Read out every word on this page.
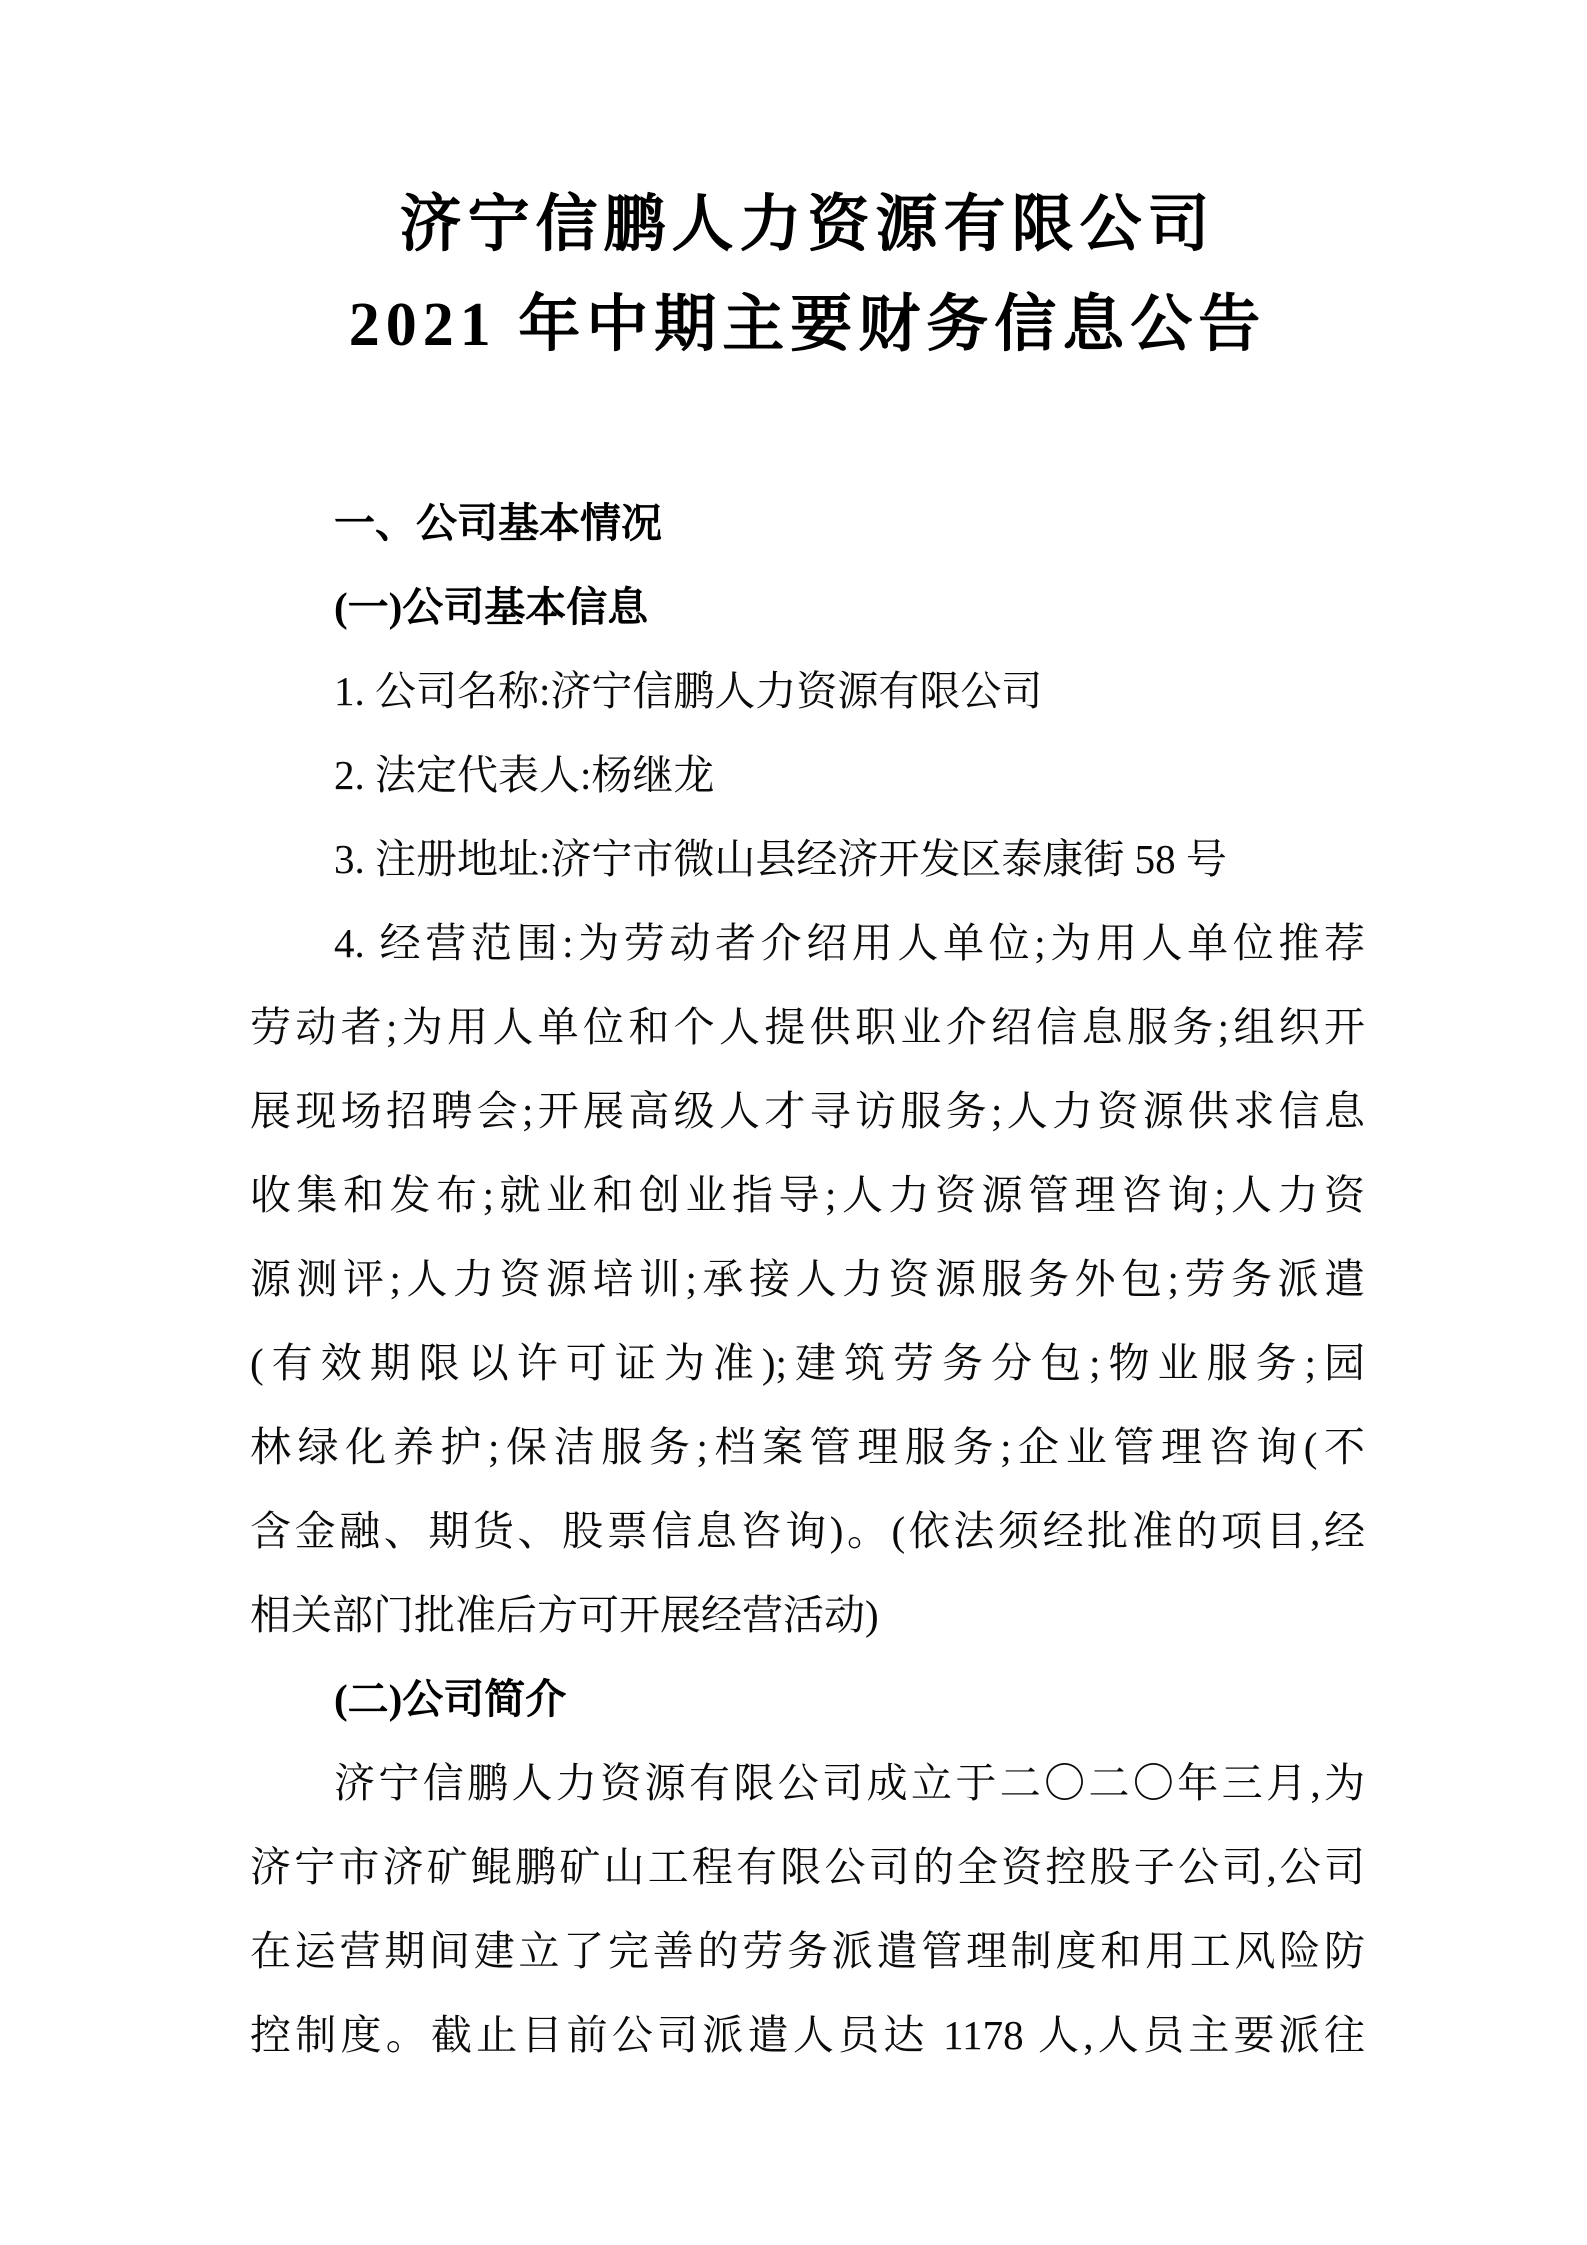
济宁信鹏人力资源有限公司
2021 年中期主要财务信息公告
一、公司基本情况
(一)公司基本信息
1. 公司名称:济宁信鹏人力资源有限公司
2. 法定代表人:杨继龙
3. 注册地址:济宁市微山县经济开发区泰康街 58 号
4. 经营范围:为劳动者介绍用人单位;为用人单位推荐
劳动者;为用人单位和个人提供职业介绍信息服务;组织开
展现场招聘会;开展高级人才寻访服务;人力资源供求信息
收集和发布;就业和创业指导;人力资源管理咨询;人力资
源测评;人力资源培训;承接人力资源服务外包;劳务派遣
(有效期限以许可证为准);建筑劳务分包;物业服务;园
林绿化养护;保洁服务;档案管理服务;企业管理咨询(不
含金融、期货、股票信息咨询)。(依法须经批准的项目,经
相关部门批准后方可开展经营活动)
(二)公司简介
济宁信鹏人力资源有限公司成立于二〇二〇年三月,为
济宁市济矿鲲鹏矿山工程有限公司的全资控股子公司,公司
在运营期间建立了完善的劳务派遣管理制度和用工风险防
控制度。截止目前公司派遣人员达 1178 人,人员主要派往
